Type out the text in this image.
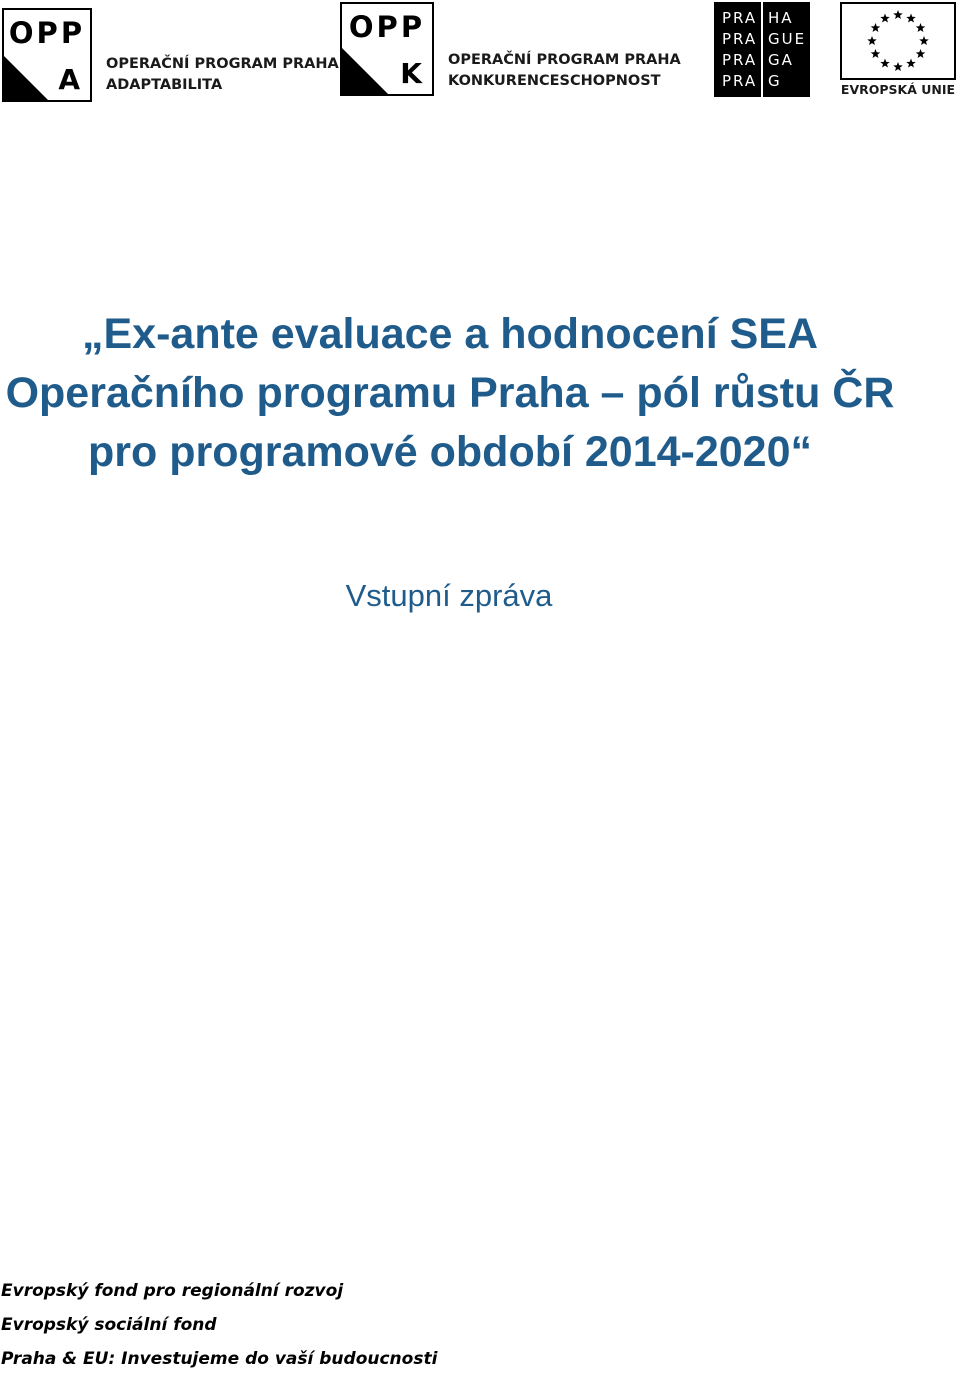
OPP
A OPERAČNÍ PROGRAM PRAHA
ADAPTABILITA
OPP
K OPERAČNÍ PROGRAM PRAHA
KONKURENCESCHOPNOST
PRA
PRA
PRA
PRA
HA
GUE
GA
G	EVROPSKÁ UNIE
„Ex-ante evaluace a hodnocení SEA
Operačního programu Praha – pól růstu ČR
pro programové období 2014-2020“
Vstupní zpráva
Evropský fond pro regionální rozvoj
Evropský sociální fond
Praha & EU: Investujeme do vaší budoucnosti
